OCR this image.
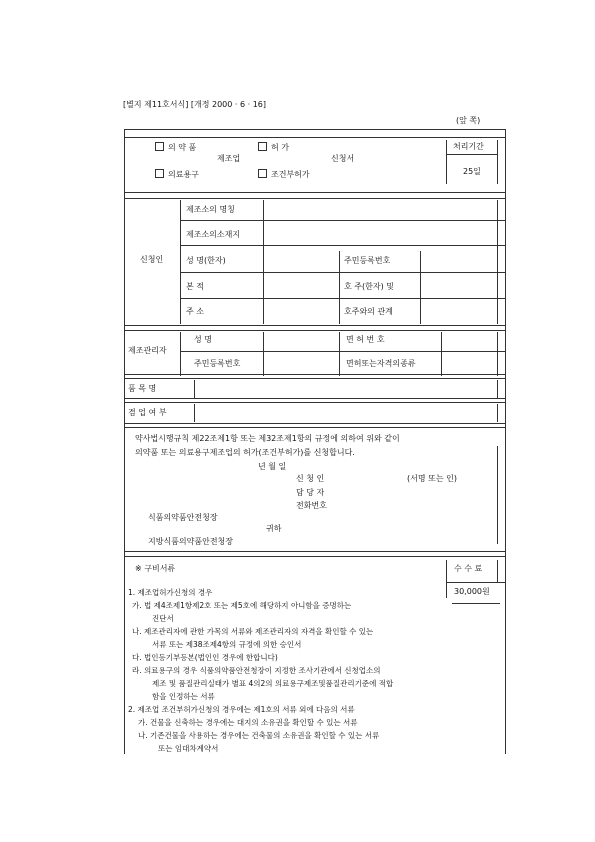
[별지 제11호서식] [개정 2000 · 6 · 16]
(앞 쪽)
의 약 품
의료용구
제조업
허 가
조건부허가
신청서
처리기간
25일
신청인
제조소의 명칭
제조소의소재지
성 명(한자)	주민등록번호
본 적	호 주(한자) 및
주 소	호주와의 관계
제조관리자
성 명	면 허 번 호
주민등록번호	면허또는자격의종류
품 목 명
겸 업 여 부
약사법시행규칙 제22조제1항 또는 제32조제1항의 규정에 의하여 위와 같이
의약품 또는 의료용구제조업의 허가(조건부허가)를 신청합니다.
년 월 일
신 청 인	(서명 또는 인)
담 당 자
전화번호
식품의약품안전청장
귀하
지방식품의약품안전청장
※ 구비서류	수 수 료
30,000원
1. 제조업허가신청의 경우
가. 법 제4조제1항제2호 또는 제5호에 해당하지 아니함을 증명하는
진단서
나. 제조관리자에 관한 가목의 서류와 제조관리자의 자격을 확인할 수 있는
서류 또는 제38조제4항의 규정에 의한 승인서
다. 법인등기부등본(법인인 경우에 한합니다)
라. 의료용구의 경우 식품의약품안전청장이 지정한 조사기관에서 신청업소의
제조 및 품질관리실태가 별표 4의2의 의료용구제조및품질관리기준에 적합
함을 인정하는 서류
2. 제조업 조건부허가신청의 경우에는 제1호의 서류 외에 다음의 서류
가. 건물을 신축하는 경우에는 대지의 소유권을 확인할 수 있는 서류
나. 기존건물을 사용하는 경우에는 건축물의 소유권을 확인할 수 있는 서류
또는 임대차계약서
